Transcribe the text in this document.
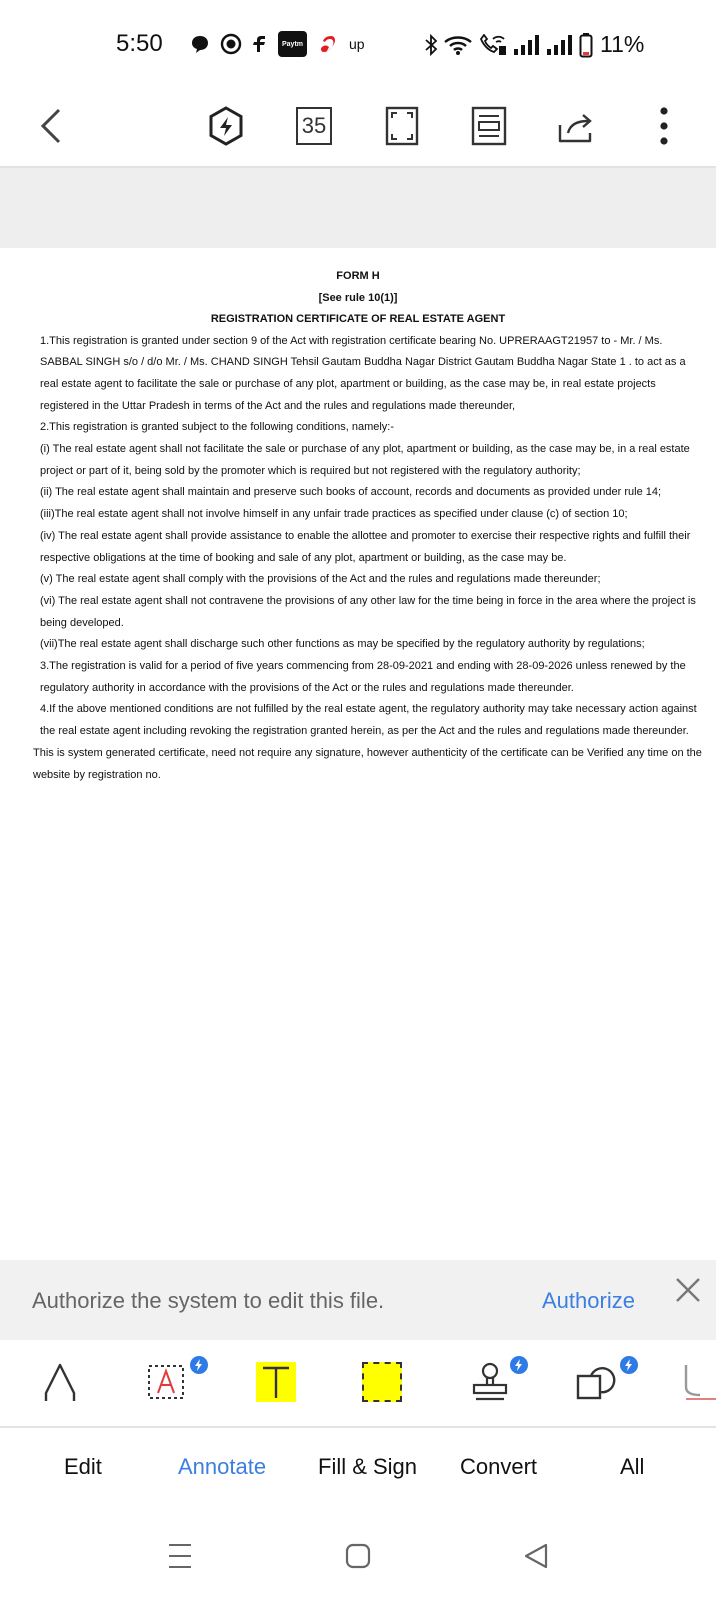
5:50	Paytm	up	11%
35
FORM H
[See rule 10(1)]
REGISTRATION CERTIFICATE OF REAL ESTATE AGENT

1.This registration is granted under section 9 of the Act with registration certificate bearing No. UPRERAAGT21957 to - Mr. / Ms. SABBAL SINGH s/o / d/o Mr. / Ms. CHAND SINGH Tehsil Gautam Buddha Nagar District Gautam Buddha Nagar State 1 . to act as a real estate agent to facilitate the sale or purchase of any plot, apartment or building, as the case may be, in real estate projects registered in the Uttar Pradesh in terms of the Act and the rules and regulations made thereunder,

2.This registration is granted subject to the following conditions, namely:-

(i) The real estate agent shall not facilitate the sale or purchase of any plot, apartment or building, as the case may be, in a real estate project or part of it, being sold by the promoter which is required but not registered with the regulatory authority;

(ii) The real estate agent shall maintain and preserve such books of account, records and documents as provided under rule 14;

(iii)The real estate agent shall not involve himself in any unfair trade practices as specified under clause (c) of section 10;

(iv) The real estate agent shall provide assistance to enable the allottee and promoter to exercise their respective rights and fulfill their respective obligations at the time of booking and sale of any plot, apartment or building, as the case may be.

(v) The real estate agent shall comply with the provisions of the Act and the rules and regulations made thereunder;

(vi) The real estate agent shall not contravene the provisions of any other law for the time being in force in the area where the project is being developed.

(vii)The real estate agent shall discharge such other functions as may be specified by the regulatory authority by regulations;

3.The registration is valid for a period of five years commencing from 28-09-2021 and ending with 28-09-2026 unless renewed by the regulatory authority in accordance with the provisions of the Act or the rules and regulations made thereunder.

4.If the above mentioned conditions are not fulfilled by the real estate agent, the regulatory authority may take necessary action against the real estate agent including revoking the registration granted herein, as per the Act and the rules and regulations made thereunder.

This is system generated certificate, need not require any signature, however authenticity of the certificate can be Verified any time on the website by registration no.
Authorize the system to edit this file.	Authorize
Edit	Annotate Fill & Sign Convert	All
